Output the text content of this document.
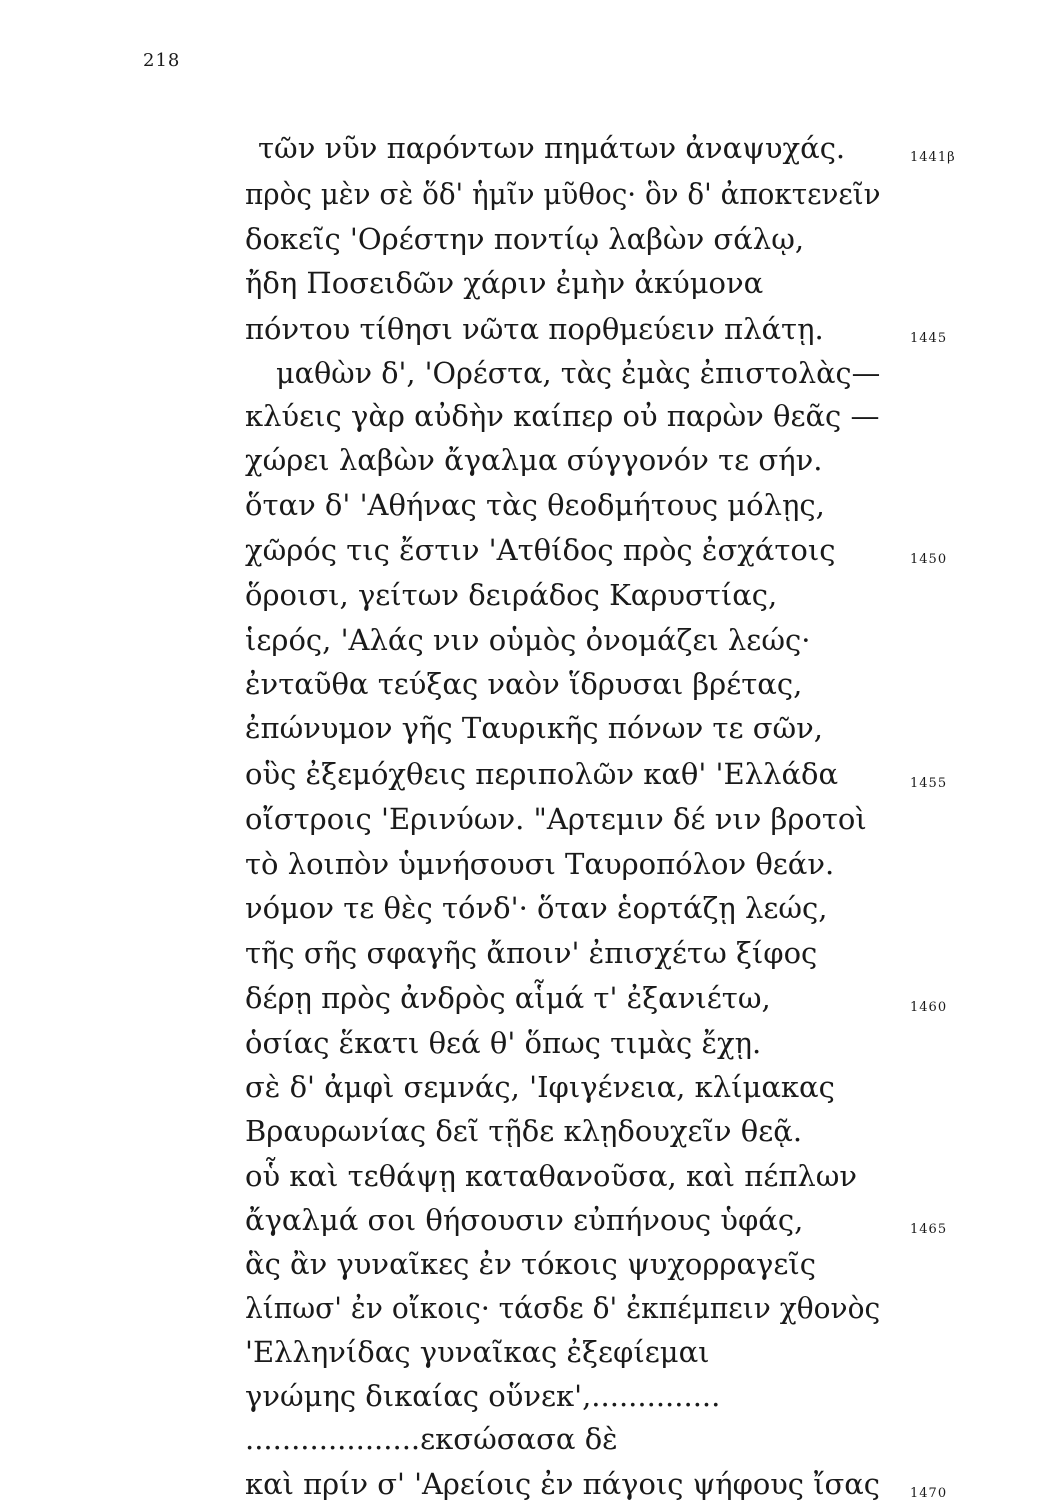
218
τῶν νῦν παρόντων πημάτων ἀναψυχάς.	1441β
πρὸς μὲν σὲ ὅδ' ἡμῖν μῦθος· ὃν δ' ἀποκτενεῖν
δοκεῖς 'Ορέστην ποντίῳ λαβὼν σάλῳ,
ἤδη Ποσειδῶν χάριν ἐμὴν ἀκύμονα
πόντου τίθησι νῶτα πορθμεύειν πλάτῃ.	1445
μαθὼν δ', 'Ορέστα, τὰς ἐμὰς ἐπιστολὰς—
κλύεις γὰρ αὐδὴν καίπερ οὐ παρὼν θεᾶς —
χώρει λαβὼν ἄγαλμα σύγγονόν τε σήν.
ὅταν δ' 'Αθήνας τὰς θεοδμήτους μόλῃς,
χῶρός τις ἔστιν 'Ατθίδος πρὸς ἐσχάτοις	1450
ὅροισι, γείτων δειράδος Καρυστίας,
ἱερός, 'Αλάς νιν οὑμὸς ὀνομάζει λεώς·
ἐνταῦθα τεύξας ναὸν ἵδρυσαι βρέτας,
ἐπώνυμον γῆς Ταυρικῆς πόνων τε σῶν,
οὓς ἐξεμόχθεις περιπολῶν καθ' 'Ελλάδα	1455
οἴστροις 'Ερινύων. "Αρτεμιν δέ νιν βροτοὶ
τὸ λοιπὸν ὑμνήσουσι Ταυροπόλον θεάν.
νόμον τε θὲς τόνδ'· ὅταν ἑορτάζῃ λεώς,
τῆς σῆς σφαγῆς ἄποιν' ἐπισχέτω ξίφος
δέρῃ πρὸς ἀνδρὸς αἷμά τ' ἐξανιέτω,	1460
ὁσίας ἕκατι θεά θ' ὅπως τιμὰς ἔχῃ.
σὲ δ' ἀμφὶ σεμνάς, 'Ιφιγένεια, κλίμακας
Βραυρωνίας δεῖ τῇδε κλῃδουχεῖν θεᾷ.
οὗ καὶ τεθάψῃ καταθανοῦσα, καὶ πέπλων
ἄγαλμά σοι θήσουσιν εὐπήνους ὑφάς,	1465
ἃς ἂν γυναῖκες ἐν τόκοις ψυχορραγεῖς
λίπωσ' ἐν οἴκοις· τάσδε δ' ἐκπέμπειν χθονὸς
'Ελληνίδας γυναῖκας ἐξεφίεμαι
γνώμης δικαίας οὕνεκ',..............
...................εκσώσασα δὲ
καὶ πρίν σ' 'Αρείοις ἐν πάγοις ψήφους ἴσας 1470
